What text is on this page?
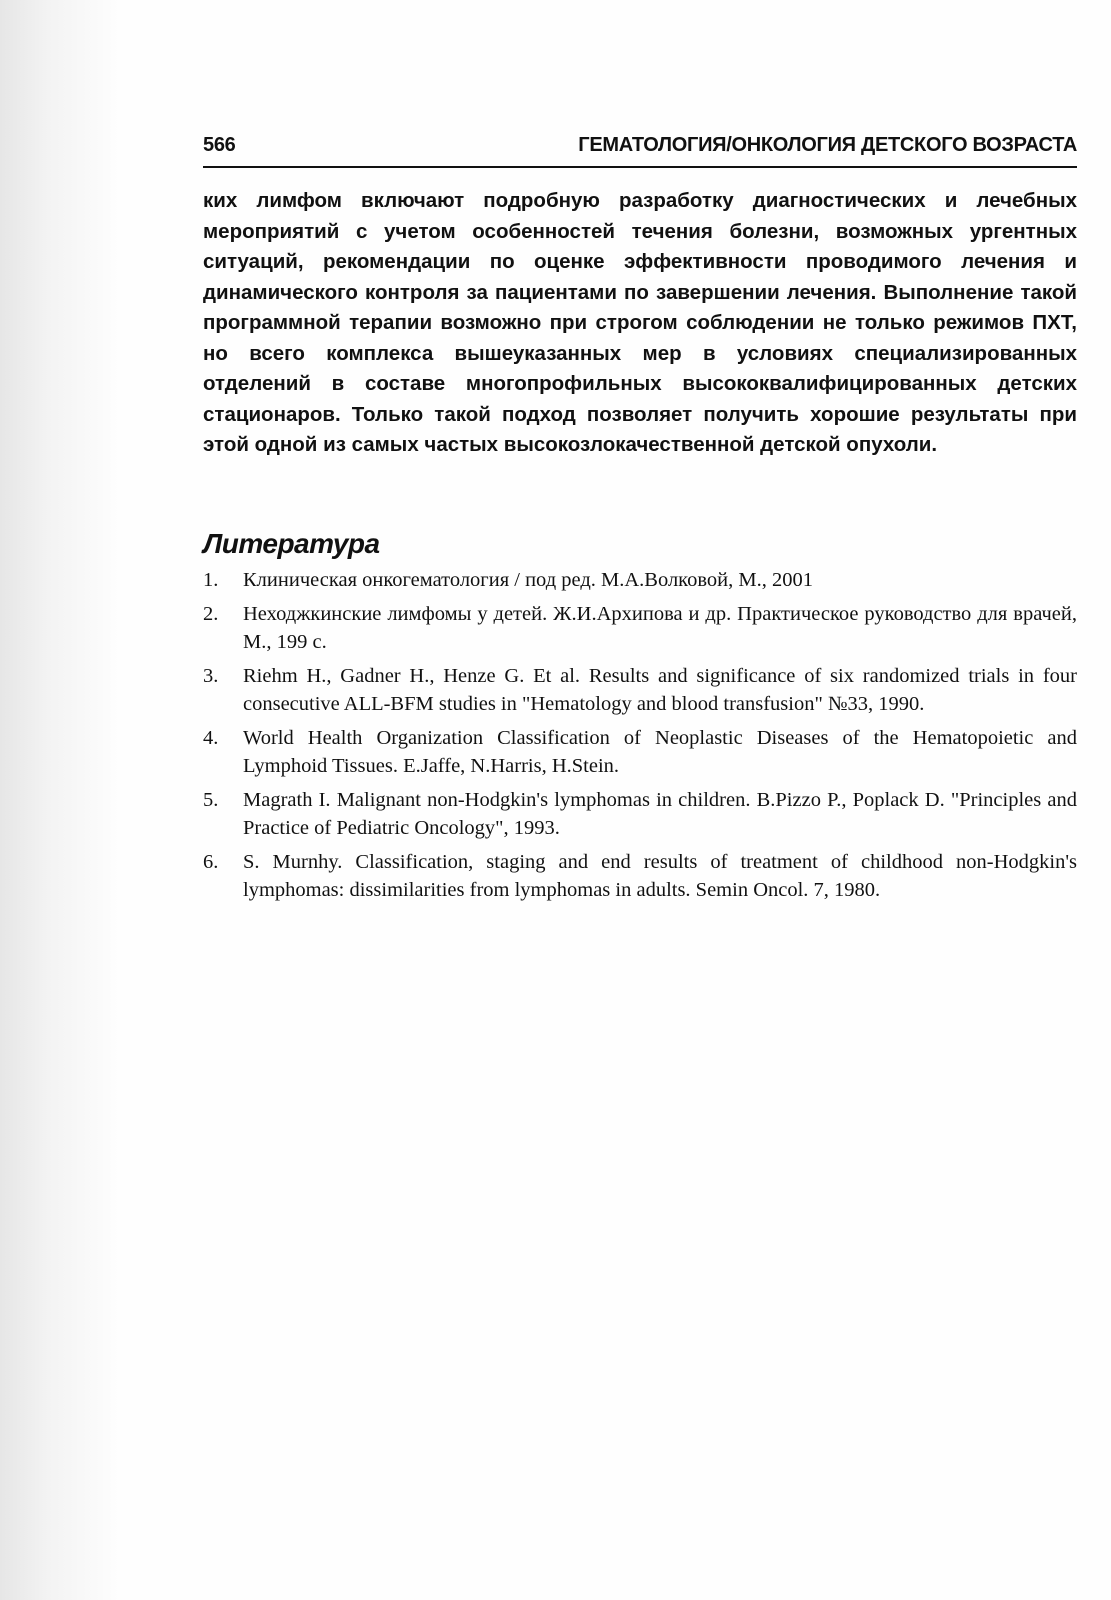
566	ГЕМАТОЛОГИЯ/ОНКОЛОГИЯ ДЕТСКОГО ВОЗРАСТА

ких лимфом включают подробную разработку диагностических и лечебных мероприятий с учетом особенностей течения болезни, возможных ургентных ситуаций, рекомендации по оценке эффективности проводимого лечения и динамического контроля за пациентами по завершении лечения. Выполнение такой программной терапии возможно при строгом соблюдении не только режимов ПХТ, но всего комплекса вышеуказанных мер в условиях специализированных отделений в составе многопрофильных высококвалифицированных детских стационаров. Только такой подход позволяет получить хорошие результаты при этой одной из самых частых высокозлокачественной детской опухоли.

Литература
1. Клиническая онкогематология / под ред. М.А.Волковой, М., 2001
2. Неходжкинские лимфомы у детей. Ж.И.Архипова и др. Практическое руководство для врачей, М., 199 с.
3. Riehm H., Gadner H., Henze G. Et al. Results and significance of six randomized trials in four consecutive ALL-BFM studies in "Hematology and blood transfusion" №33, 1990.
4. World Health Organization Classification of Neoplastic Diseases of the Hematopoietic and Lymphoid Tissues. E.Jaffe, N.Harris, H.Stein.
5. Magrath I. Malignant non-Hodgkin's lymphomas in children. B.Pizzo P., Poplack D. "Principles and Practice of Pediatric Oncology", 1993.
6. S. Murnhy. Classification, staging and end results of treatment of childhood non-Hodgkin's lymphomas: dissimilarities from lymphomas in adults. Semin Oncol. 7, 1980.
